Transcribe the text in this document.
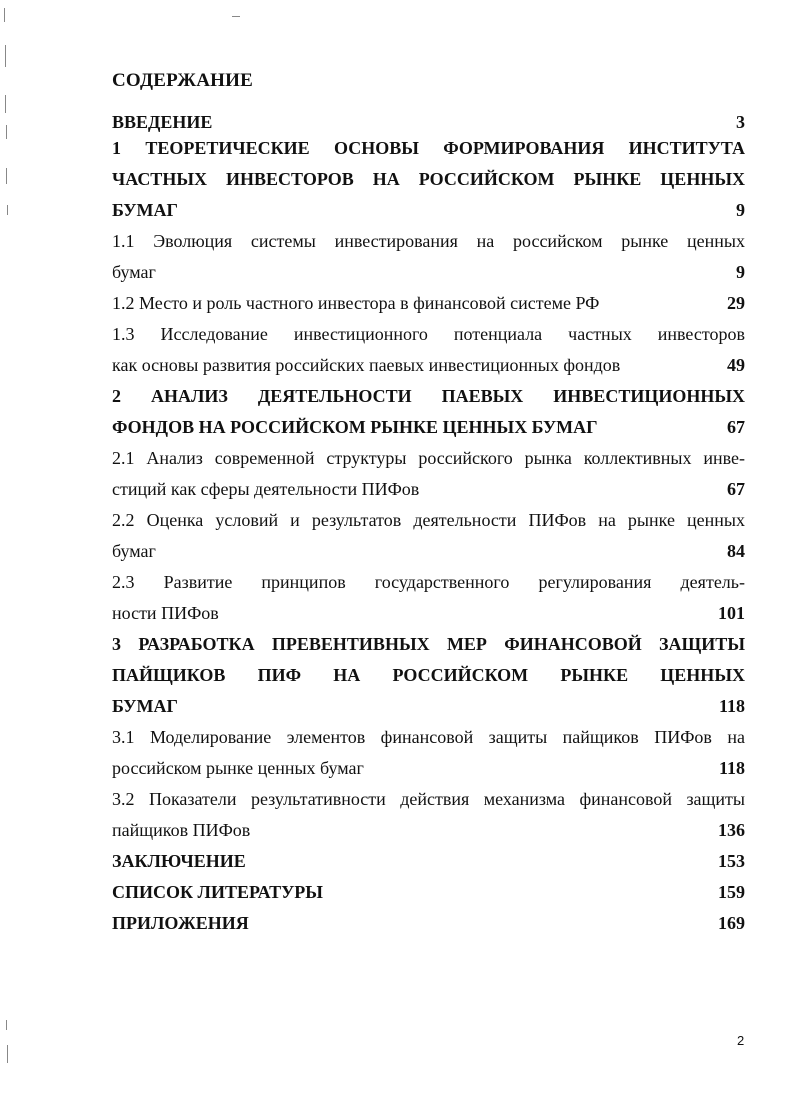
СОДЕРЖАНИЕ
ВВЕДЕНИЕ	3
1 ТЕОРЕТИЧЕСКИЕ ОСНОВЫ ФОРМИРОВАНИЯ ИНСТИТУТА
ЧАСТНЫХ ИНВЕСТОРОВ НА РОССИЙСКОМ РЫНКЕ ЦЕННЫХ
БУМАГ	9
1.1 Эволюция системы инвестирования на российском рынке ценных
бумаг	9
1.2 Место и роль частного инвестора в финансовой системе РФ	29
1.3 Исследование инвестиционного потенциала частных инвесторов
как основы развития российских паевых инвестиционных фондов	49
2 АНАЛИЗ ДЕЯТЕЛЬНОСТИ ПАЕВЫХ ИНВЕСТИЦИОННЫХ
ФОНДОВ НА РОССИЙСКОМ РЫНКЕ ЦЕННЫХ БУМАГ	67
2.1 Анализ современной структуры российского рынка коллективных инве-
стиций как сферы деятельности ПИФов	67
2.2 Оценка условий и результатов деятельности ПИФов на рынке ценных
бумаг	84
2.3 Развитие принципов государственного регулирования деятель-
ности ПИФов	101
3 РАЗРАБОТКА ПРЕВЕНТИВНЫХ МЕР ФИНАНСОВОЙ ЗАЩИТЫ
ПАЙЩИКОВ ПИФ НА РОССИЙСКОМ РЫНКЕ ЦЕННЫХ
БУМАГ	118
3.1 Моделирование элементов финансовой защиты пайщиков ПИФов на
российском рынке ценных бумаг	118
3.2 Показатели результативности действия механизма финансовой защиты
пайщиков ПИФов	136
ЗАКЛЮЧЕНИЕ	153
СПИСОК ЛИТЕРАТУРЫ	159
ПРИЛОЖЕНИЯ	169
2
